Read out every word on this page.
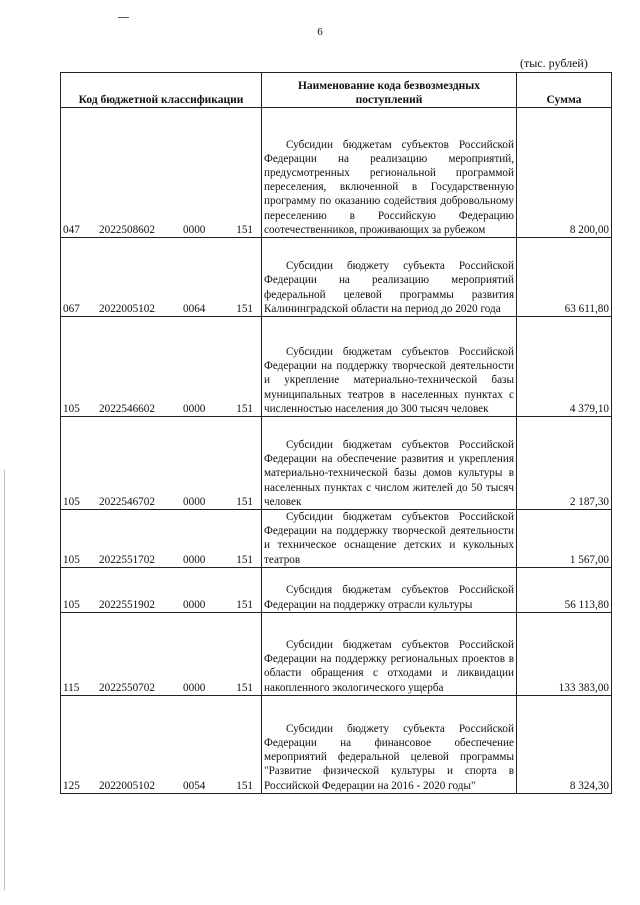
6
(тыс. рублей)
Код бюджетной классификации	Наименование кода безвозмездных поступлений	Сумма
047 2022508602 0000 151	Субсидии бюджетам субъектов Российской Федерации на реализацию мероприятий, предусмотренных региональной программой переселения, включенной в Государственную программу по оказанию содействия добровольному переселению в Российскую Федерацию соотечественников, проживающих за рубежом	8 200,00
067 2022005102 0064 151	Субсидии бюджету субъекта Российской Федерации на реализацию мероприятий федеральной целевой программы развития Калининградской области на период до 2020 года	63 611,80
105 2022546602 0000 151	Субсидии бюджетам субъектов Российской Федерации на поддержку творческой деятельности и укрепление материально-технической базы муниципальных театров в населенных пунктах с численностью населения до 300 тысяч человек	4 379,10
105 2022546702 0000 151	Субсидии бюджетам субъектов Российской Федерации на обеспечение развития и укрепления материально-технической базы домов культуры в населенных пунктах с числом жителей до 50 тысяч человек	2 187,30
105 2022551702 0000 151	Субсидии бюджетам субъектов Российской Федерации на поддержку творческой деятельности и техническое оснащение детских и кукольных театров	1 567,00
105 2022551902 0000 151	Субсидия бюджетам субъектов Российской Федерации на поддержку отрасли культуры	56 113,80
115 2022550702 0000 151	Субсидии бюджетам субъектов Российской Федерации на поддержку региональных проектов в области обращения с отходами и ликвидации накопленного экологического ущерба	133 383,00
125 2022005102 0054 151	Субсидии бюджету субъекта Российской Федерации на финансовое обеспечение мероприятий федеральной целевой программы "Развитие физической культуры и спорта в Российской Федерации на 2016 - 2020 годы"	8 324,30
